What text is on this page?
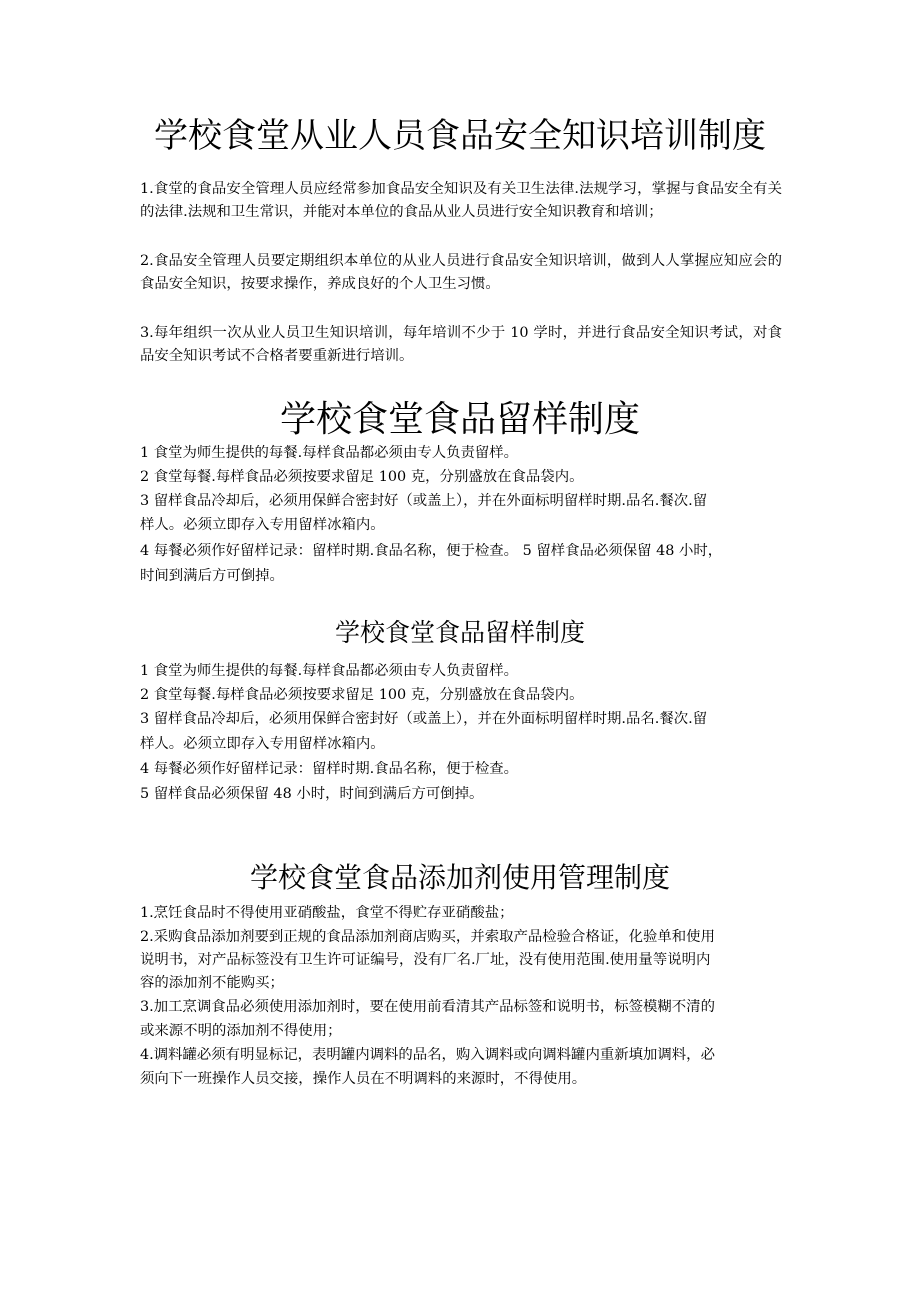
学校食堂从业人员食品安全知识培训制度

1.食堂的食品安全管理人员应经常参加食品安全知识及有关卫生法律.法规学习，掌握与食品安全有关的法律.法规和卫生常识，并能对本单位的食品从业人员进行安全知识教育和培训；

2.食品安全管理人员要定期组织本单位的从业人员进行食品安全知识培训，做到人人掌握应知应会的食品安全知识，按要求操作，养成良好的个人卫生习惯。

3.每年组织一次从业人员卫生知识培训，每年培训不少于 10 学时，并进行食品安全知识考试，对食品安全知识考试不合格者要重新进行培训。

学校食堂食品留样制度

1 食堂为师生提供的每餐.每样食品都必须由专人负责留样。

2 食堂每餐.每样食品必须按要求留足 100 克，分别盛放在食品袋内。

3 留样食品冷却后，必须用保鲜合密封好（或盖上），并在外面标明留样时期.品名.餐次.留

样人。必须立即存入专用留样冰箱内。

4 每餐必须作好留样记录：留样时期.食品名称，便于检查。 5 留样食品必须保留 48 小时，

时间到满后方可倒掉。

学校食堂食品留样制度

1 食堂为师生提供的每餐.每样食品都必须由专人负责留样。

2 食堂每餐.每样食品必须按要求留足 100 克，分别盛放在食品袋内。

3 留样食品冷却后，必须用保鲜合密封好（或盖上），并在外面标明留样时期.品名.餐次.留

样人。必须立即存入专用留样冰箱内。

4 每餐必须作好留样记录：留样时期.食品名称，便于检查。

5 留样食品必须保留 48 小时，时间到满后方可倒掉。

学校食堂食品添加剂使用管理制度

1.烹饪食品时不得使用亚硝酸盐，食堂不得贮存亚硝酸盐；

2.采购食品添加剂要到正规的食品添加剂商店购买，并索取产品检验合格证，化验单和使用

说明书，对产品标签没有卫生许可证编号，没有厂名.厂址，没有使用范围.使用量等说明内

容的添加剂不能购买；

3.加工烹调食品必须使用添加剂时，要在使用前看清其产品标签和说明书，标签模糊不清的

或来源不明的添加剂不得使用；

4.调料罐必须有明显标记，表明罐内调料的品名，购入调料或向调料罐内重新填加调料，必

须向下一班操作人员交接，操作人员在不明调料的来源时，不得使用。
